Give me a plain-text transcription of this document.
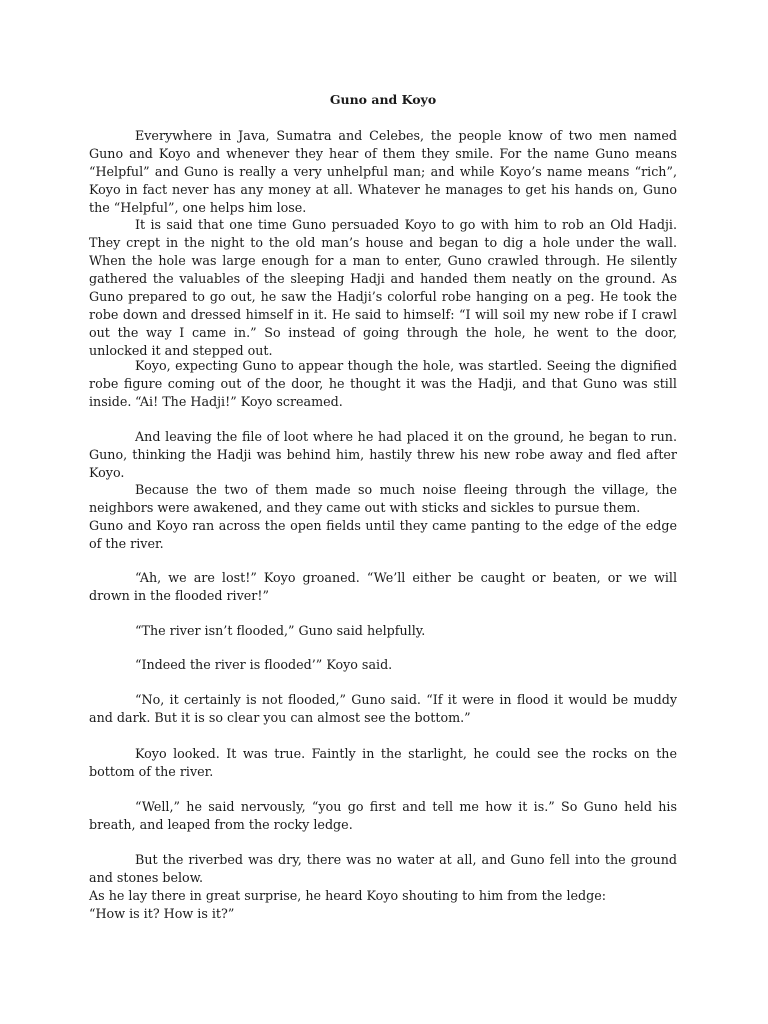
Guno and Koyo

Everywhere in Java, Sumatra and Celebes, the people know of two men named Guno and Koyo and whenever they hear of them they smile. For the name Guno means “Helpful” and Guno is really a very unhelpful man; and while Koyo’s name means “rich”, Koyo in fact never has any money at all. Whatever he manages to get his hands on, Guno the “Helpful”, one helps him lose.

It is said that one time Guno persuaded Koyo to go with him to rob an Old Hadji. They crept in the night to the old man’s house and began to dig a hole under the wall. When the hole was large enough for a man to enter, Guno crawled through. He silently gathered the valuables of the sleeping Hadji and handed them neatly on the ground. As Guno prepared to go out, he saw the Hadji’s colorful robe hanging on a peg. He took the robe down and dressed himself in it. He said to himself: “I will soil my new robe if I crawl out the way I came in.” So instead of going through the hole, he went to the door, unlocked it and stepped out.

Koyo, expecting Guno to appear though the hole, was startled. Seeing the dignified robe figure coming out of the door, he thought it was the Hadji, and that Guno was still inside. “Ai! The Hadji!” Koyo screamed.

And leaving the file of loot where he had placed it on the ground, he began to run. Guno, thinking the Hadji was behind him, hastily threw his new robe away and fled after Koyo.

Because the two of them made so much noise fleeing through the village, the neighbors were awakened, and they came out with sticks and sickles to pursue them.

Guno and Koyo ran across the open fields until they came panting to the edge of the edge of the river.

“Ah, we are lost!” Koyo groaned. “We’ll either be caught or beaten, or we will drown in the flooded river!”

“The river isn’t flooded,” Guno said helpfully.

“Indeed the river is flooded’” Koyo said.

“No, it certainly is not flooded,” Guno said. “If it were in flood it would be muddy and dark. But it is so clear you can almost see the bottom.”

Koyo looked. It was true. Faintly in the starlight, he could see the rocks on the bottom of the river.

“Well,” he said nervously, “you go first and tell me how it is.” So Guno held his breath, and leaped from the rocky ledge.

But the riverbed was dry, there was no water at all, and Guno fell into the ground and stones below.

As he lay there in great surprise, he heard Koyo shouting to him from the ledge:

“How is it? How is it?”
